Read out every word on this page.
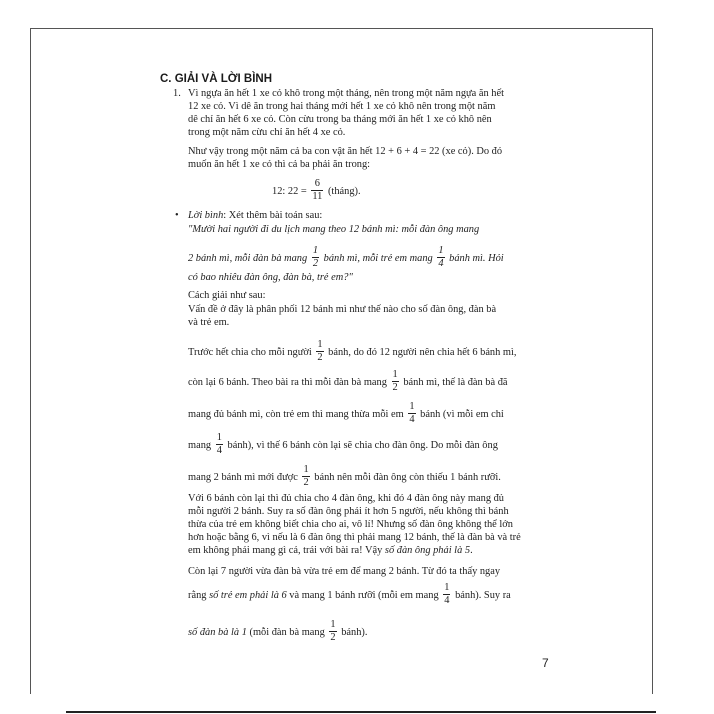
C. GIẢI VÀ LỜI BÌNH
1. Vì ngựa ăn hết 1 xe cỏ khô trong một tháng, nên trong một năm ngựa ăn hết
12 xe cỏ. Vì dê ăn trong hai tháng mới hết 1 xe cỏ khô nên trong một năm
dê chỉ ăn hết 6 xe cỏ. Còn cừu trong ba tháng mới ăn hết 1 xe cỏ khô nên
trong một năm cừu chỉ ăn hết 4 xe cỏ.
Như vậy trong một năm cả ba con vật ăn hết 12 + 6 + 4 = 22 (xe cỏ). Do đó
muốn ăn hết 1 xe cỏ thì cả ba phải ăn trong:
12: $22 = \frac{6}{11}$ (tháng).
• Lời bình: Xét thêm bài toán sau:
"Mười hai người đi du lịch mang theo 12 bánh mì: mỗi đàn ông mang
2 bánh mì, mỗi đàn bà mang $\frac{1}{2}$ bánh mì, mỗi trẻ em mang $\frac{1}{4}$ bánh mì. Hỏi
có bao nhiêu đàn ông, đàn bà, trẻ em?"
Cách giải như sau:
Vấn đề ở đây là phân phối 12 bánh mì như thế nào cho số đàn ông, đàn bà
và trẻ em.
Trước hết chia cho mỗi người $\frac{1}{2}$ bánh, do đó 12 người nên chia hết 6 bánh mì,
còn lại 6 bánh. Theo bài ra thì mỗi đàn bà mang $\frac{1}{2}$ bánh mì, thế là đàn bà đã
mang đủ bánh mì, còn trẻ em thì mang thừa mỗi em $\frac{1}{4}$ bánh (vì mỗi em chỉ
mang $\frac{1}{4}$ bánh), vì thế 6 bánh còn lại sẽ chia cho đàn ông. Do mỗi đàn ông
mang 2 bánh mì mới được $\frac{1}{2}$ bánh nên mỗi đàn ông còn thiếu 1 bánh rưỡi.
Với 6 bánh còn lại thì đủ chia cho 4 đàn ông, khi đó 4 đàn ông này mang đủ
mỗi người 2 bánh. Suy ra số đàn ông phải ít hơn 5 người, nếu không thì bánh
thừa của trẻ em không biết chia cho ai, vô lí! Nhưng số đàn ông không thể lớn
hơn hoặc bằng 6, vì nếu là 6 đàn ông thì phải mang 12 bánh, thế là đàn bà và trẻ
em không phải mang gì cả, trái với bài ra! Vậy số đàn ông phải là 5.
Còn lại 7 người vừa đàn bà vừa trẻ em để mang 2 bánh. Từ đó ta thấy ngay
rằng số trẻ em phải là 6 và mang 1 bánh rưỡi (mỗi em mang $\frac{1}{4}$ bánh). Suy ra
số đàn bà là 1 (mỗi đàn bà mang $\frac{1}{2}$ bánh).
7
